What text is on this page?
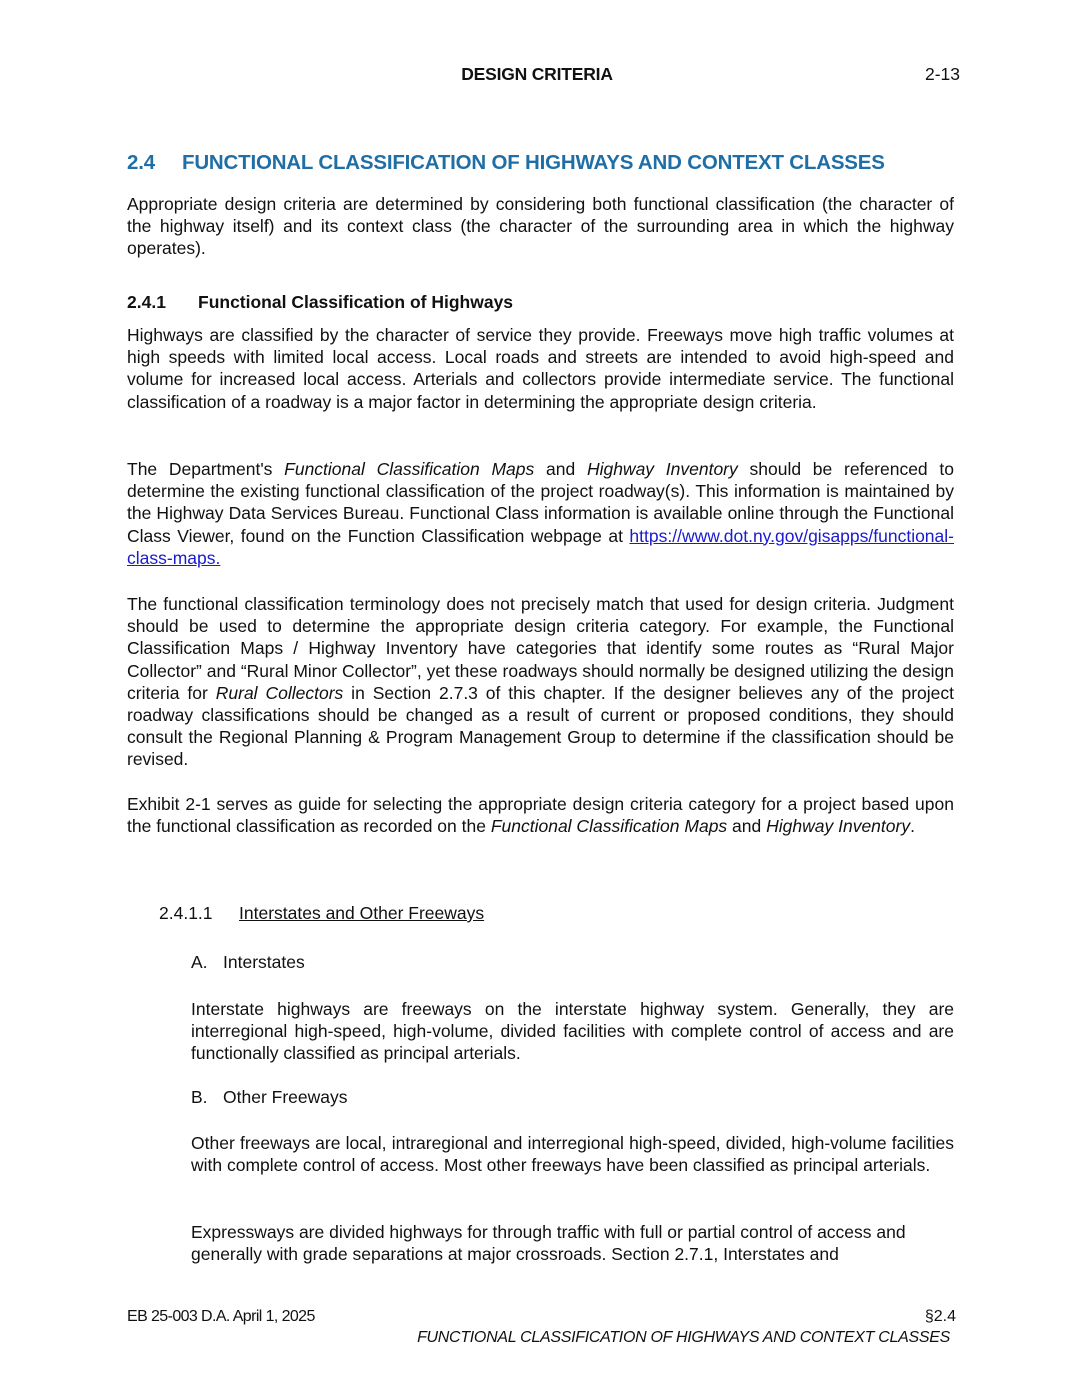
DESIGN CRITERIA	2-13
2.4 FUNCTIONAL CLASSIFICATION OF HIGHWAYS AND CONTEXT CLASSES
Appropriate design criteria are determined by considering both functional classification (the character of the highway itself) and its context class (the character of the surrounding area in which the highway operates).
2.4.1 Functional Classification of Highways
Highways are classified by the character of service they provide. Freeways move high traffic volumes at high speeds with limited local access. Local roads and streets are intended to avoid high-speed and volume for increased local access. Arterials and collectors provide intermediate service. The functional classification of a roadway is a major factor in determining the appropriate design criteria.
The Department's Functional Classification Maps and Highway Inventory should be referenced to determine the existing functional classification of the project roadway(s). This information is maintained by the Highway Data Services Bureau. Functional Class information is available online through the Functional Class Viewer, found on the Function Classification webpage at https://www.dot.ny.gov/gisapps/functional-class-maps.
The functional classification terminology does not precisely match that used for design criteria. Judgment should be used to determine the appropriate design criteria category. For example, the Functional Classification Maps / Highway Inventory have categories that identify some routes as “Rural Major Collector” and “Rural Minor Collector”, yet these roadways should normally be designed utilizing the design criteria for Rural Collectors in Section 2.7.3 of this chapter. If the designer believes any of the project roadway classifications should be changed as a result of current or proposed conditions, they should consult the Regional Planning & Program Management Group to determine if the classification should be revised.
Exhibit 2-1 serves as guide for selecting the appropriate design criteria category for a project based upon the functional classification as recorded on the Functional Classification Maps and Highway Inventory.
2.4.1.1 Interstates and Other Freeways
A. Interstates
Interstate highways are freeways on the interstate highway system. Generally, they are interregional high-speed, high-volume, divided facilities with complete control of access and are functionally classified as principal arterials.
B. Other Freeways
Other freeways are local, intraregional and interregional high-speed, divided, high-volume facilities with complete control of access. Most other freeways have been classified as principal arterials.
Expressways are divided highways for through traffic with full or partial control of access and generally with grade separations at major crossroads. Section 2.7.1, Interstates and
EB 25-003 D.A. April 1, 2025	§2.4
FUNCTIONAL CLASSIFICATION OF HIGHWAYS AND CONTEXT CLASSES
